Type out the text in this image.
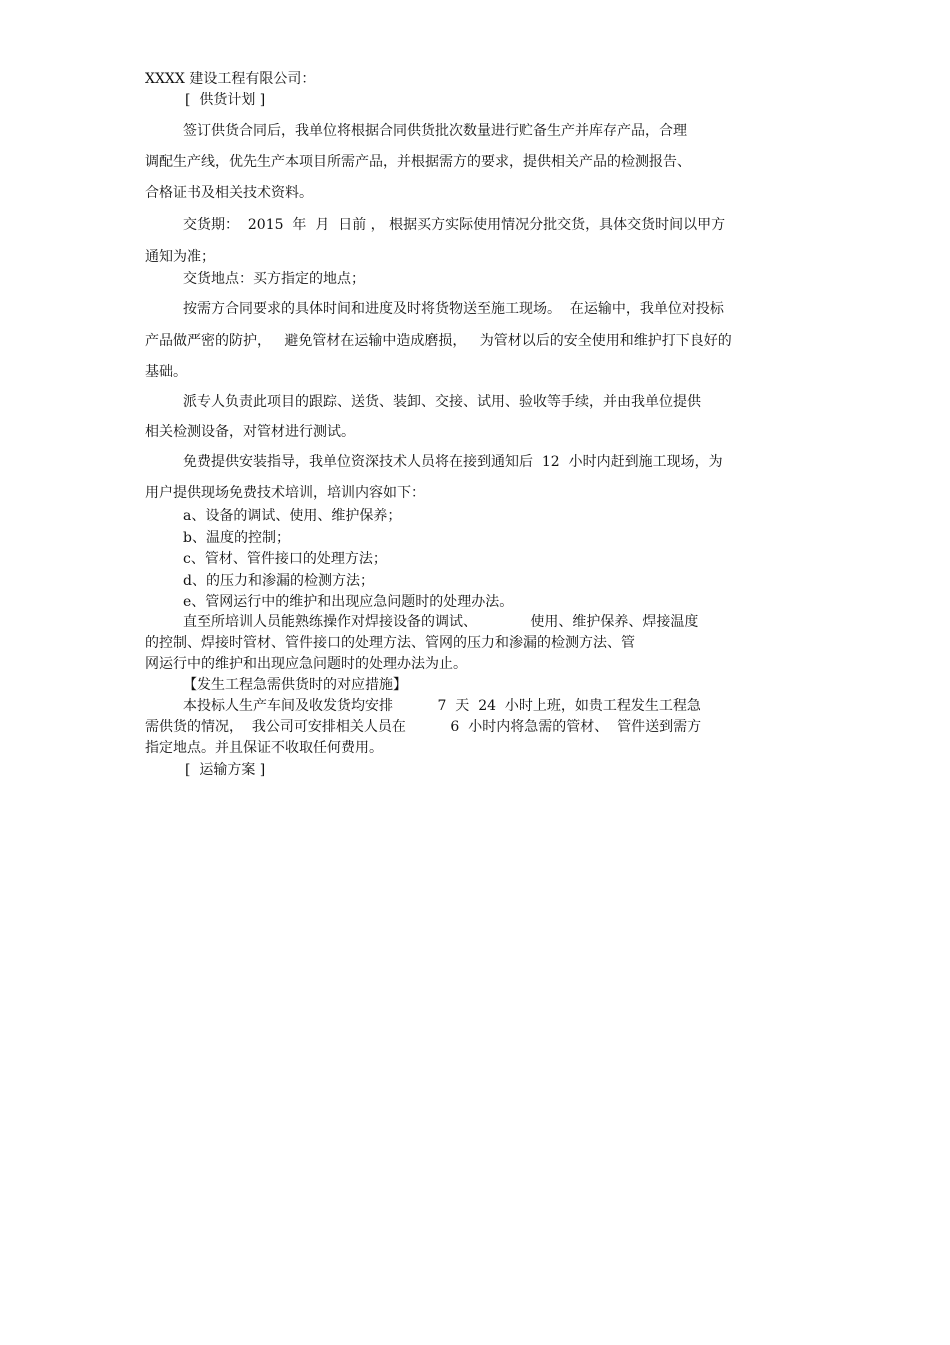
XXXX 建设工程有限公司：
[  供货计划 ]
签订供货合同后，我单位将根据合同供货批次数量进行贮备生产并库存产品，合理
调配生产线，优先生产本项目所需产品，并根据需方的要求，提供相关产品的检测报告、
合格证书及相关技术资料。
交货期：  2015  年  月  日前 ， 根据买方实际使用情况分批交货，具体交货时间以甲方
通知为准；
交货地点：买方指定的地点；
按需方合同要求的具体时间和进度及时将货物送至施工现场。  在运输中，我单位对投标
产品做严密的防护，   避免管材在运输中造成磨损，   为管材以后的安全使用和维护打下良好的
基础。
派专人负责此项目的跟踪、送货、装卸、交接、试用、验收等手续，并由我单位提供
相关检测设备，对管材进行测试。
免费提供安装指导，我单位资深技术人员将在接到通知后  12  小时内赶到施工现场，为
用户提供现场免费技术培训，培训内容如下：
a、设备的调试、使用、维护保养；
b、温度的控制；
c、管材、管件接口的处理方法；
d、的压力和渗漏的检测方法；
e、管网运行中的维护和出现应急问题时的处理办法。
直至所培训人员能熟练操作对焊接设备的调试、            使用、维护保养、焊接温度
的控制、焊接时管材、管件接口的处理方法、管网的压力和渗漏的检测方法、管
网运行中的维护和出现应急问题时的处理办法为止。
【发生工程急需供货时的对应措施】
本投标人生产车间及收发货均安排          7  天  24  小时上班，如贵工程发生工程急
需供货的情况，  我公司可安排相关人员在          6  小时内将急需的管材、  管件送到需方
指定地点。并且保证不收取任何费用。
[  运输方案 ]
